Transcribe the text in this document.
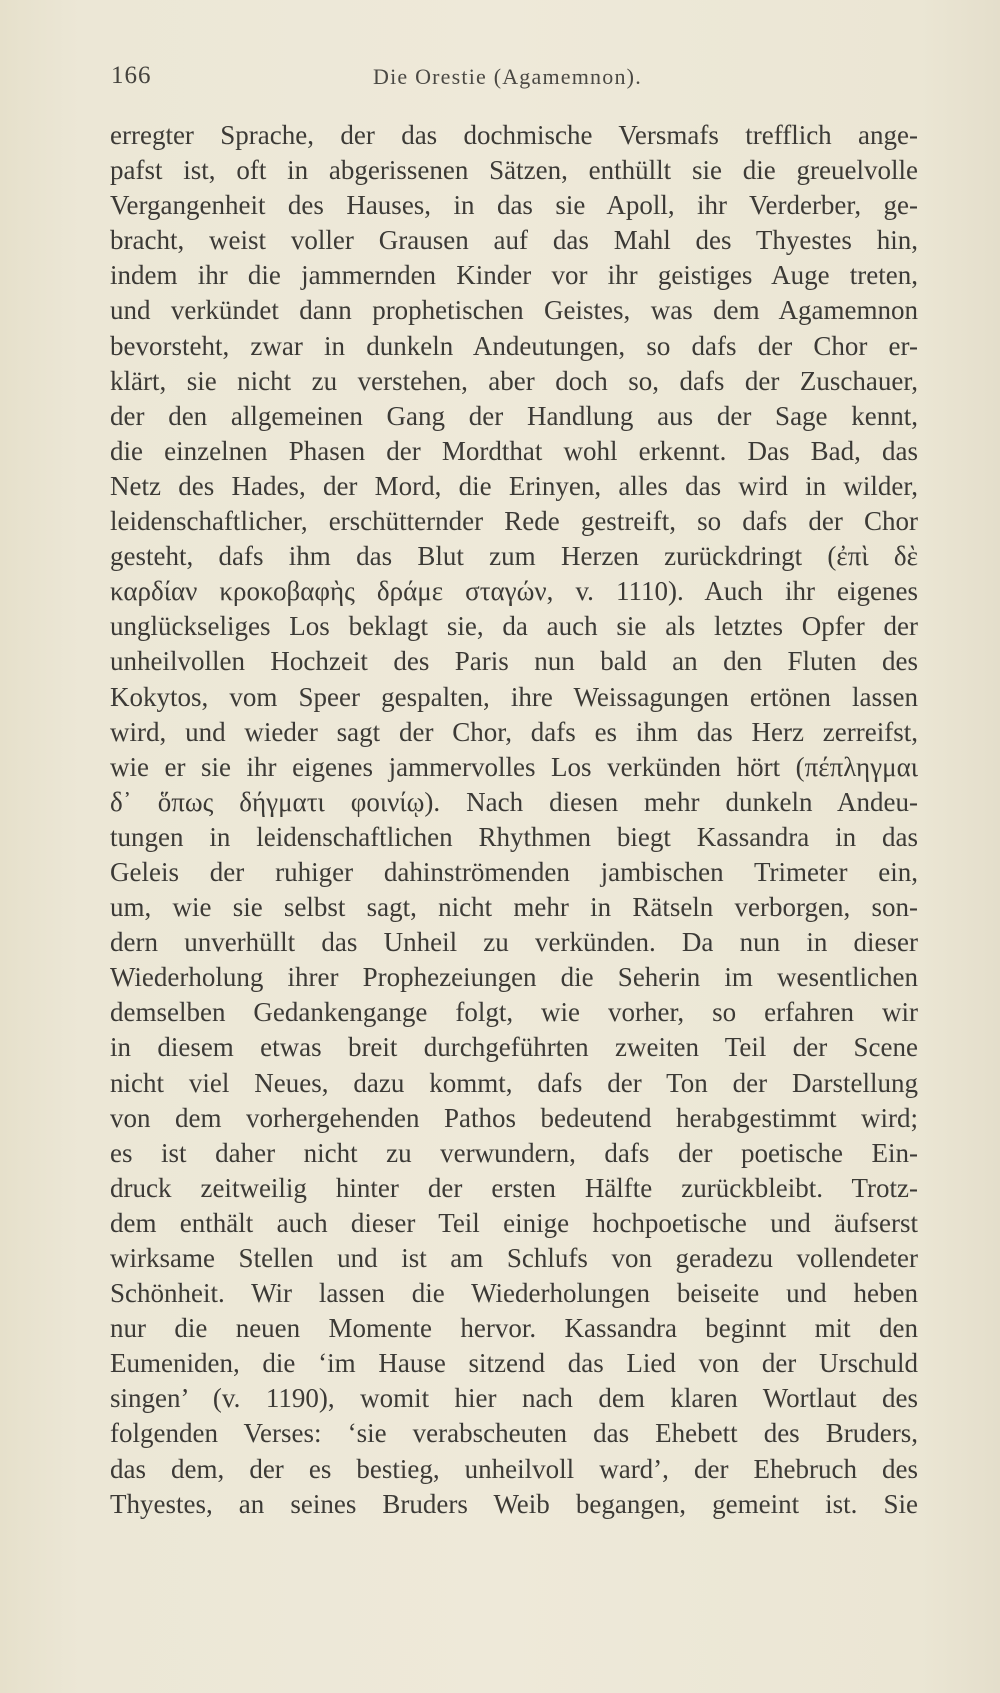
166	Die Orestie (Agamemnon).
erregter Sprache, der das dochmische Versmafs trefflich ange-
pafst ist, oft in abgerissenen Sätzen, enthüllt sie die greuelvolle
Vergangenheit des Hauses, in das sie Apoll, ihr Verderber, ge-
bracht, weist voller Grausen auf das Mahl des Thyestes hin,
indem ihr die jammernden Kinder vor ihr geistiges Auge treten,
und verkündet dann prophetischen Geistes, was dem Agamemnon
bevorsteht, zwar in dunkeln Andeutungen, so dafs der Chor er-
klärt, sie nicht zu verstehen, aber doch so, dafs der Zuschauer,
der den allgemeinen Gang der Handlung aus der Sage kennt,
die einzelnen Phasen der Mordthat wohl erkennt. Das Bad, das
Netz des Hades, der Mord, die Erinyen, alles das wird in wilder,
leidenschaftlicher, erschütternder Rede gestreift, so dafs der Chor
gesteht, dafs ihm das Blut zum Herzen zurückdringt (ἐπὶ δὲ
καρδίαν κροκοβαφὴς δράμε σταγών, v. 1110). Auch ihr eigenes
unglückseliges Los beklagt sie, da auch sie als letztes Opfer der
unheilvollen Hochzeit des Paris nun bald an den Fluten des
Kokytos, vom Speer gespalten, ihre Weissagungen ertönen lassen
wird, und wieder sagt der Chor, dafs es ihm das Herz zerreifst,
wie er sie ihr eigenes jammervolles Los verkünden hört (πέπληγμαι
δ᾽ ὅπως δήγματι φοινίῳ). Nach diesen mehr dunkeln Andeu-
tungen in leidenschaftlichen Rhythmen biegt Kassandra in das
Geleis der ruhiger dahinströmenden jambischen Trimeter ein,
um, wie sie selbst sagt, nicht mehr in Rätseln verborgen, son-
dern unverhüllt das Unheil zu verkünden. Da nun in dieser
Wiederholung ihrer Prophezeiungen die Seherin im wesentlichen
demselben Gedankengange folgt, wie vorher, so erfahren wir
in diesem etwas breit durchgeführten zweiten Teil der Scene
nicht viel Neues, dazu kommt, dafs der Ton der Darstellung
von dem vorhergehenden Pathos bedeutend herabgestimmt wird;
es ist daher nicht zu verwundern, dafs der poetische Ein-
druck zeitweilig hinter der ersten Hälfte zurückbleibt. Trotz-
dem enthält auch dieser Teil einige hochpoetische und äufserst
wirksame Stellen und ist am Schlufs von geradezu vollendeter
Schönheit. Wir lassen die Wiederholungen beiseite und heben
nur die neuen Momente hervor. Kassandra beginnt mit den
Eumeniden, die ‘im Hause sitzend das Lied von der Urschuld
singen’ (v. 1190), womit hier nach dem klaren Wortlaut des
folgenden Verses: ‘sie verabscheuten das Ehebett des Bruders,
das dem, der es bestieg, unheilvoll ward’, der Ehebruch des
Thyestes, an seines Bruders Weib begangen, gemeint ist. Sie
